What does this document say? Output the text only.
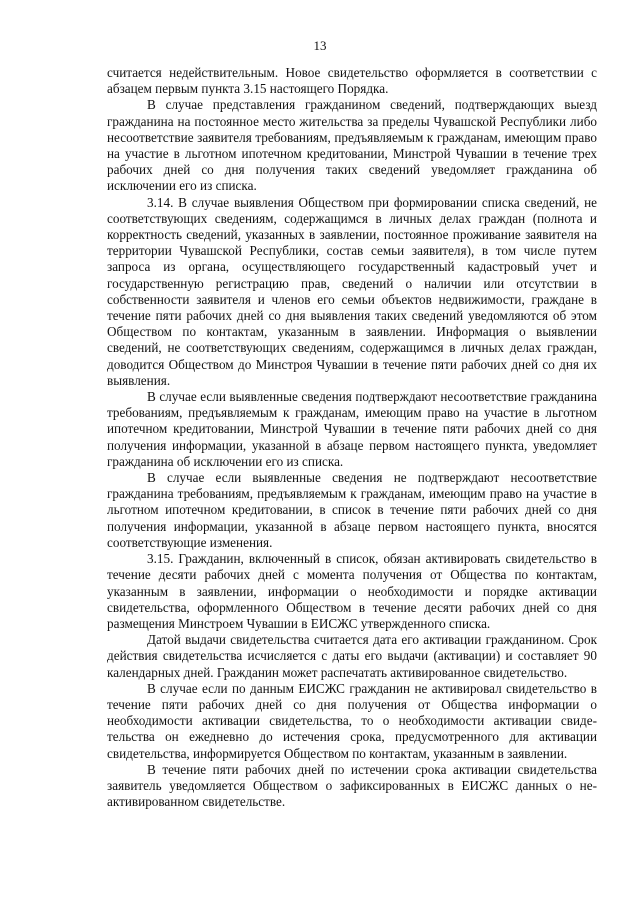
13

считается недействительным. Новое свидетельство оформляется в соответствии с абзацем первым пункта 3.15 настоящего Порядка.

В случае представления гражданином сведений, подтверждающих выезд гражданина на постоянное место жительства за пределы Чувашской Республики либо несоответствие заявителя требованиям, предъявляемым к гражданам, имеющим право на участие в льготном ипотечном кредитовании, Минстрой Чувашии в течение трех рабочих дней со дня получения таких сведений уведомляет гражданина об исключении его из списка.

3.14. В случае выявления Обществом при формировании списка сведений, не соответствующих сведениям, содержащимся в личных делах граждан (полнота и корректность сведений, указанных в заявлении, постоянное проживание заявителя на территории Чувашской Республики, состав семьи заявителя), в том числе путем запроса из органа, осуществляющего государственный кадастровый учет и государственную регистрацию прав, сведений о наличии или отсутствии в собственности заявителя и членов его семьи объектов недвижимости, граждане в течение пяти рабочих дней со дня выявления таких сведений уведомляются об этом Обществом по контактам, указанным в заявлении. Информация о выявлении сведений, не соответствующих сведениям, содержащимся в личных делах граждан, доводится Обществом до Минстроя Чувашии в течение пяти рабочих дней со дня их выявления.

В случае если выявленные сведения подтверждают несоответствие гражданина требованиям, предъявляемым к гражданам, имеющим право на участие в льготном ипотечном кредитовании, Минстрой Чувашии в течение пяти рабочих дней со дня получения информации, указанной в абзаце первом настоящего пункта, уведомляет гражданина об исключении его из списка.

В случае если выявленные сведения не подтверждают несоответствие гражданина требованиям, предъявляемым к гражданам, имеющим право на участие в льготном ипотечном кредитовании, в список в течение пяти рабочих дней со дня получения информации, указанной в абзаце первом настоящего пункта, вносятся соответствующие изменения.

3.15. Гражданин, включенный в список, обязан активировать свидетельство в течение десяти рабочих дней с момента получения от Общества по контактам, указанным в заявлении, информации о необходимости и порядке активации свидетельства, оформленного Обществом в течение десяти рабочих дней со дня размещения Минстроем Чувашии в ЕИСЖС утвержденного списка.

Датой выдачи свидетельства считается дата его активации гражданином. Срок действия свидетельства исчисляется с даты его выдачи (активации) и составляет 90 календарных дней. Гражданин может распечатать активированное свидетельство.

В случае если по данным ЕИСЖС гражданин не активировал свидетельство в течение пяти рабочих дней со дня получения от Общества информации о необходимости активации свидетельства, то о необходимости активации свидетельства он ежедневно до истечения срока, предусмотренного для активации свидетельства, информируется Обществом по контактам, указанным в заявлении.

В течение пяти рабочих дней по истечении срока активации свидетельства заявитель уведомляется Обществом о зафиксированных в ЕИСЖС данных о неактивированном свидетельстве.
